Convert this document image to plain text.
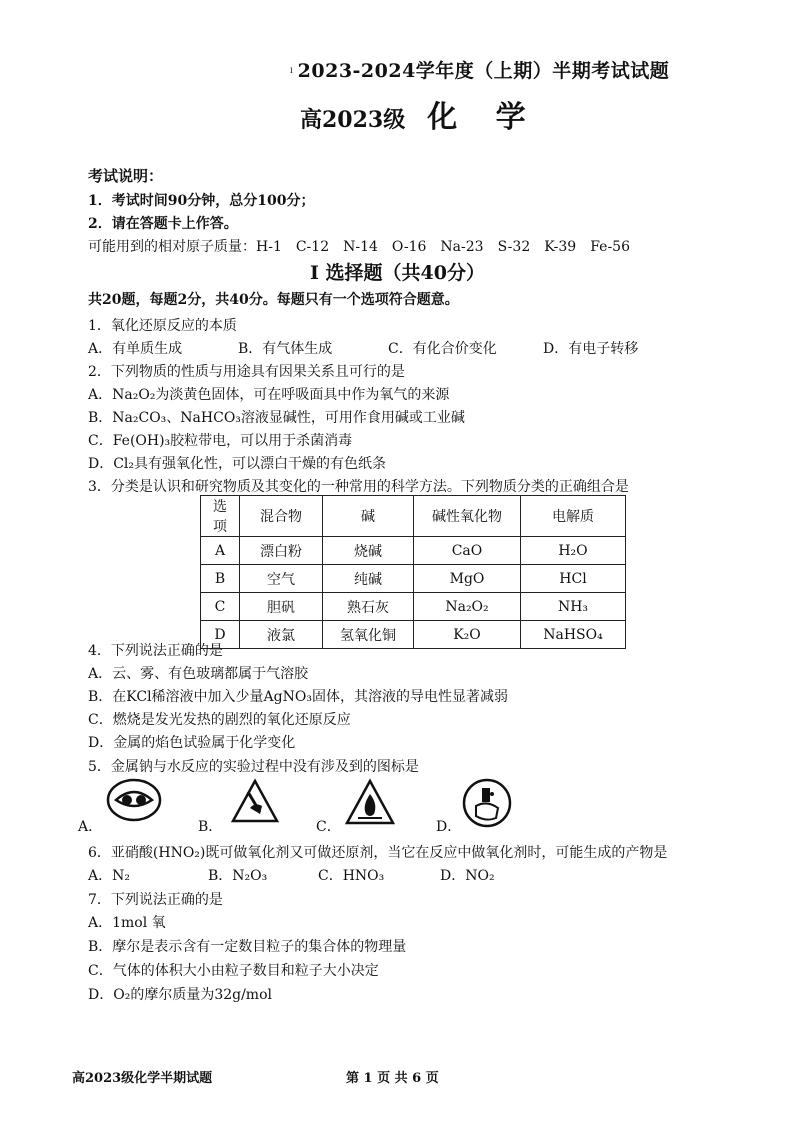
ˡ 2023-2024学年度（上期）半期考试试题
高2023级 化 学
考试说明：
1．考试时间90分钟，总分100分；
2．请在答题卡上作答。
可能用到的相对原子质量：H-1　C-12　N-14　O-16　Na-23　S-32　K-39　Fe-56
Ⅰ 选择题（共40分）
共20题，每题2分，共40分。每题只有一个选项符合题意。
1．氧化还原反应的本质
A．有单质生成	B．有气体生成	C．有化合价变化	D．有电子转移
2．下列物质的性质与用途具有因果关系且可行的是
A．Na₂O₂为淡黄色固体，可在呼吸面具中作为氧气的来源
B．Na₂CO₃、NaHCO₃溶液显碱性，可用作食用碱或工业碱
C．Fe(OH)₃胶粒带电，可以用于杀菌消毒
D．Cl₂具有强氧化性，可以漂白干燥的有色纸条
3．分类是认识和研究物质及其变化的一种常用的科学方法。下列物质分类的正确组合是
选项	混合物	碱	碱性氧化物	电解质
A	漂白粉	烧碱	CaO	H₂O
B	空气	纯碱	MgO	HCl
C	胆矾	熟石灰	Na₂O₂	NH₃
D	液氯	氢氧化铜	K₂O	NaHSO₄
4．下列说法正确的是
A．云、雾、有色玻璃都属于气溶胶
B．在KCl稀溶液中加入少量AgNO₃固体，其溶液的导电性显著减弱
C．燃烧是发光发热的剧烈的氧化还原反应
D．金属的焰色试验属于化学变化
5．金属钠与水反应的实验过程中没有涉及到的图标是
A．	B．	C．	D．
6．亚硝酸(HNO₂)既可做氧化剂又可做还原剂，当它在反应中做氧化剂时，可能生成的产物是
A．N₂	B．N₂O₃	C．HNO₃	D．NO₂
7．下列说法正确的是
A．1mol 氧
B．摩尔是表示含有一定数目粒子的集合体的物理量
C．气体的体积大小由粒子数目和粒子大小决定
D．O₂的摩尔质量为32g/mol
高2023级化学半期试题	第 1 页 共 6 页
